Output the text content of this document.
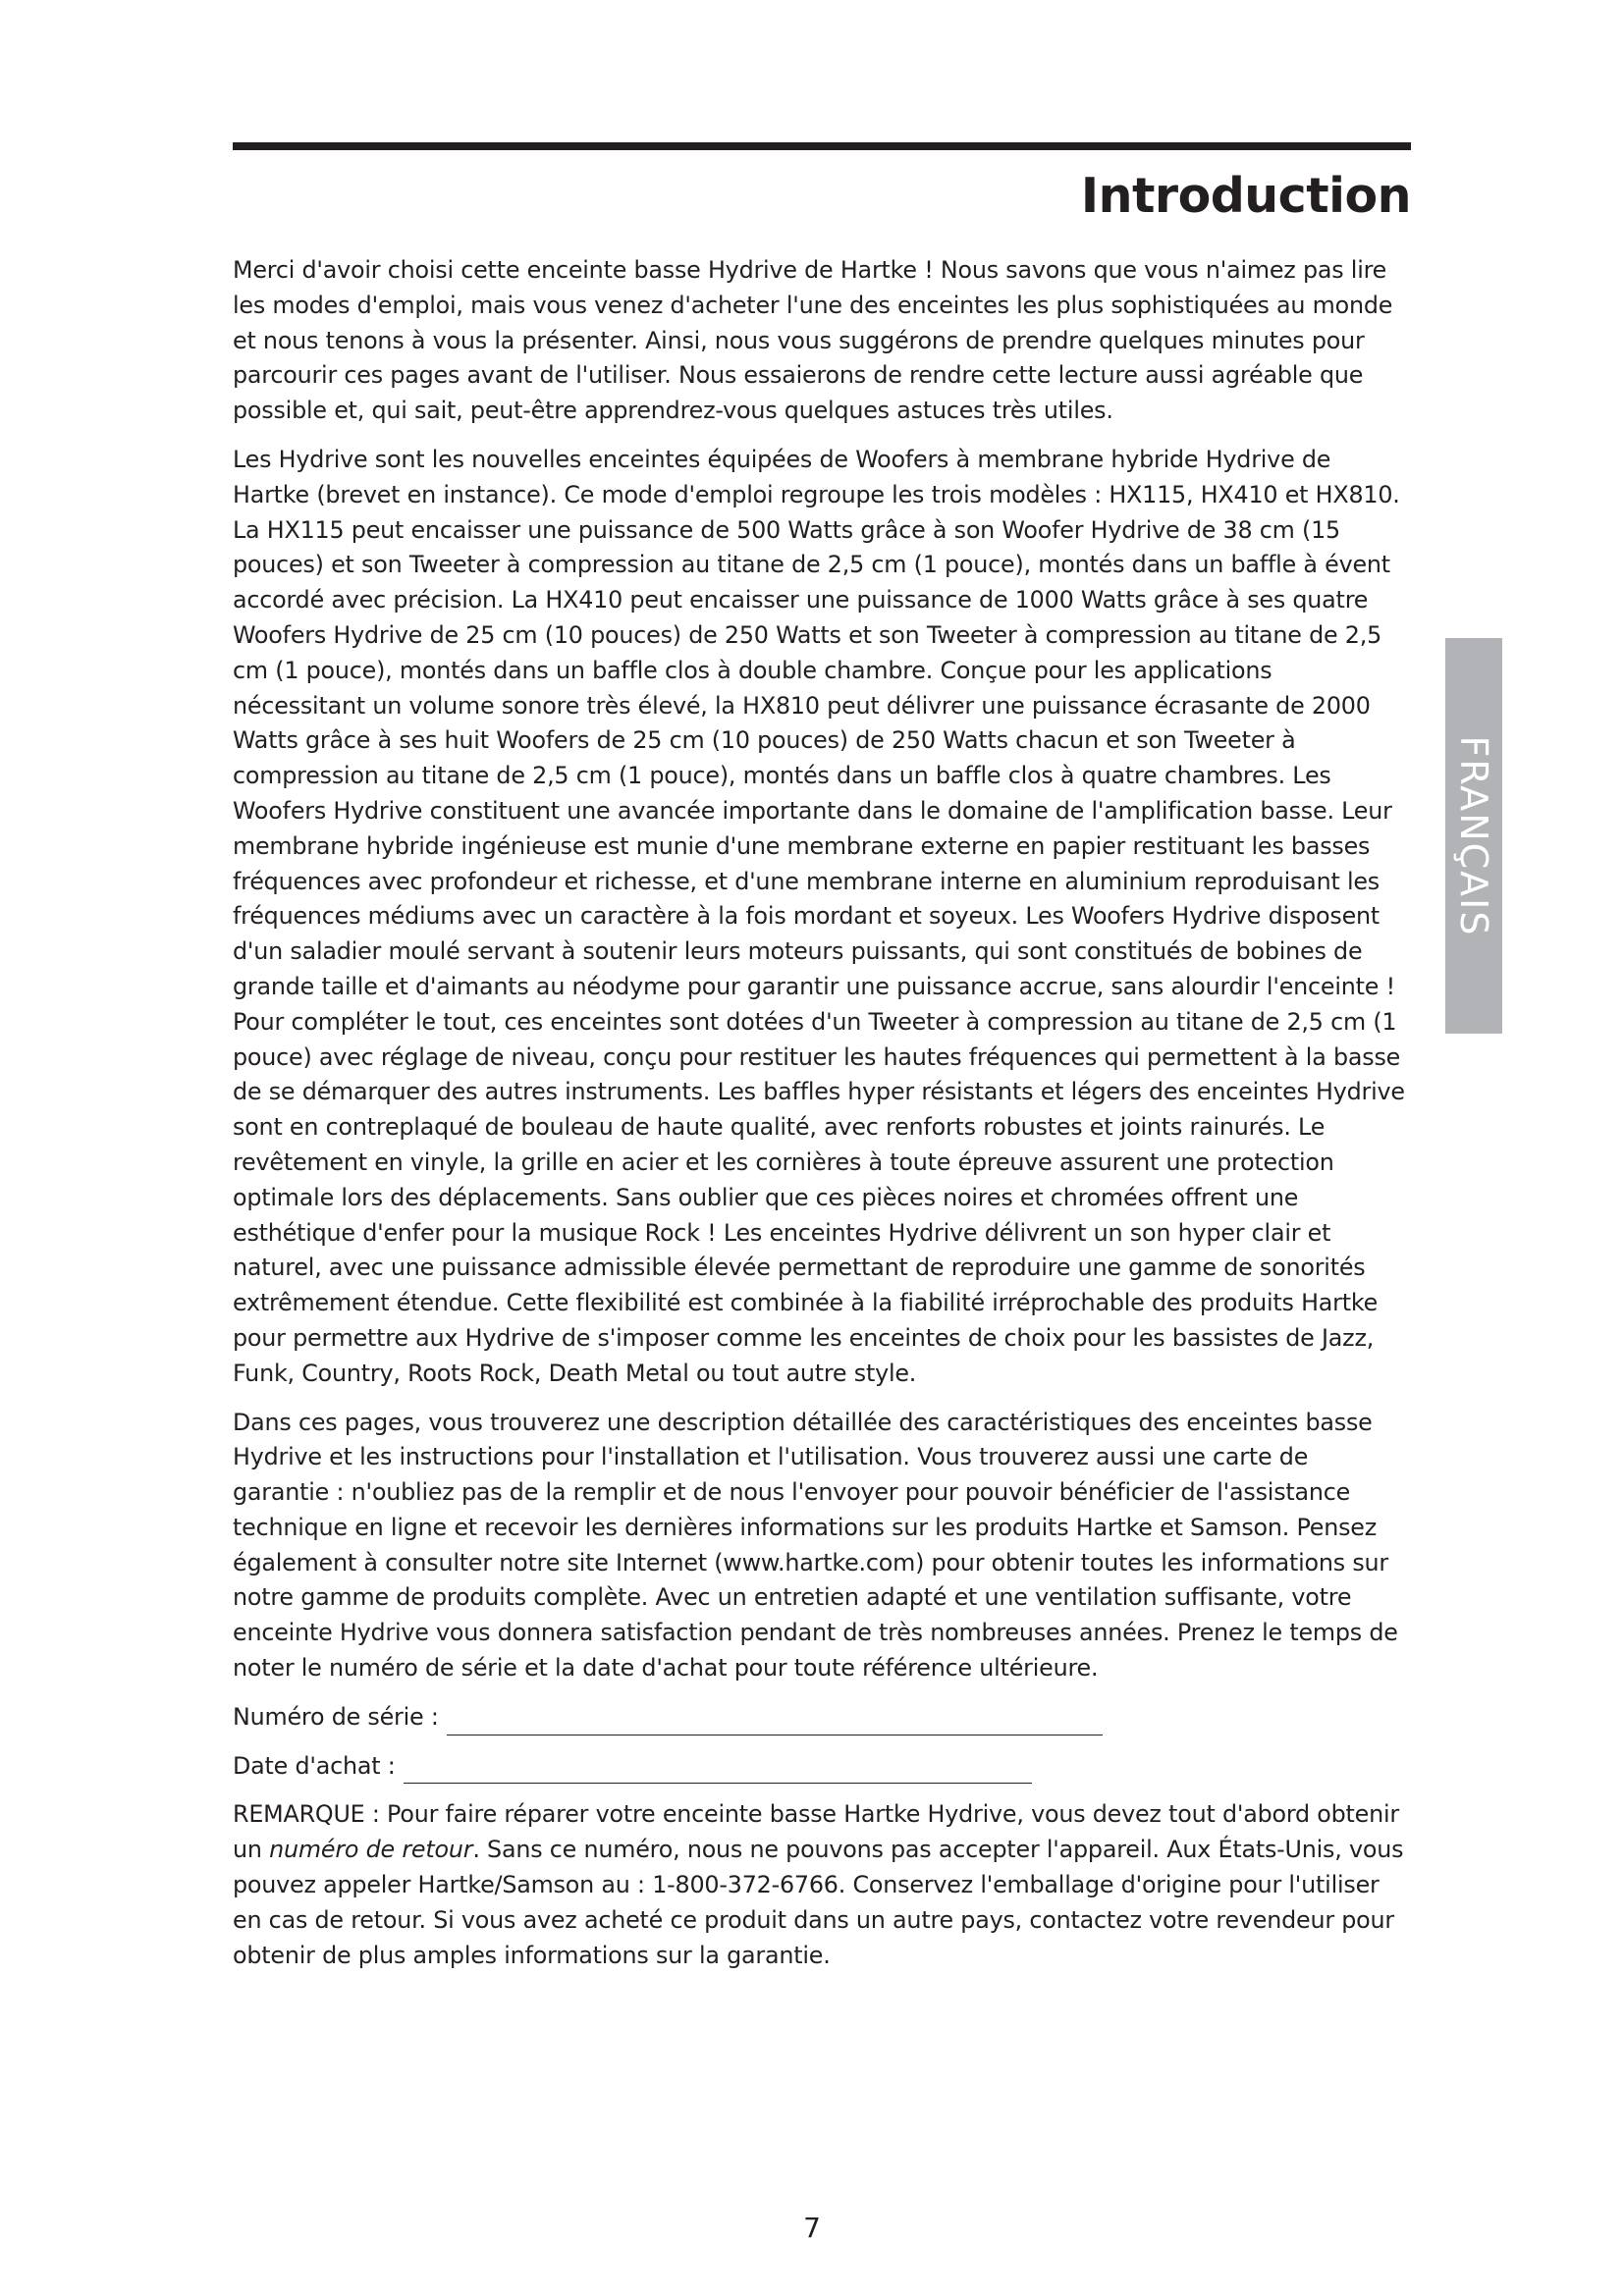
Introduction
FRANÇAIS

Merci d'avoir choisi cette enceinte basse Hydrive de Hartke ! Nous savons que vous n'aimez pas lire les modes d'emploi, mais vous venez d'acheter l'une des enceintes les plus sophistiquées au monde et nous tenons à vous la présenter. Ainsi, nous vous suggérons de prendre quelques minutes pour parcourir ces pages avant de l'utiliser. Nous essaierons de rendre cette lecture aussi agréable que possible et, qui sait, peut-être apprendrez-vous quelques astuces très utiles.

Les Hydrive sont les nouvelles enceintes équipées de Woofers à membrane hybride Hydrive de Hartke (brevet en instance). Ce mode d'emploi regroupe les trois modèles : HX115, HX410 et HX810. La HX115 peut encaisser une puissance de 500 Watts grâce à son Woofer Hydrive de 38 cm (15 pouces) et son Tweeter à compression au titane de 2,5 cm (1 pouce), montés dans un baffle à évent accordé avec précision. La HX410 peut encaisser une puissance de 1000 Watts grâce à ses quatre Woofers Hydrive de 25 cm (10 pouces) de 250 Watts et son Tweeter à compression au titane de 2,5 cm (1 pouce), montés dans un baffle clos à double chambre. Conçue pour les applications nécessitant un volume sonore très élevé, la HX810 peut délivrer une puissance écrasante de 2000 Watts grâce à ses huit Woofers de 25 cm (10 pouces) de 250 Watts chacun et son Tweeter à compression au titane de 2,5 cm (1 pouce), montés dans un baffle clos à quatre chambres. Les Woofers Hydrive constituent une avancée importante dans le domaine de l'amplification basse. Leur membrane hybride ingénieuse est munie d'une membrane externe en papier restituant les basses fréquences avec profondeur et richesse, et d'une membrane interne en aluminium reproduisant les fréquences médiums avec un caractère à la fois mordant et soyeux. Les Woofers Hydrive disposent d'un saladier moulé servant à soutenir leurs moteurs puissants, qui sont constitués de bobines de grande taille et d'aimants au néodyme pour garantir une puissance accrue, sans alourdir l'enceinte ! Pour compléter le tout, ces enceintes sont dotées d'un Tweeter à compression au titane de 2,5 cm (1 pouce) avec réglage de niveau, conçu pour restituer les hautes fréquences qui permettent à la basse de se démarquer des autres instruments. Les baffles hyper résistants et légers des enceintes Hydrive sont en contreplaqué de bouleau de haute qualité, avec renforts robustes et joints rainurés. Le revêtement en vinyle, la grille en acier et les cornières à toute épreuve assurent une protection optimale lors des déplacements. Sans oublier que ces pièces noires et chromées offrent une esthétique d'enfer pour la musique Rock ! Les enceintes Hydrive délivrent un son hyper clair et naturel, avec une puissance admissible élevée permettant de reproduire une gamme de sonorités extrêmement étendue. Cette flexibilité est combinée à la fiabilité irréprochable des produits Hartke pour permettre aux Hydrive de s'imposer comme les enceintes de choix pour les bassistes de Jazz, Funk, Country, Roots Rock, Death Metal ou tout autre style.

Dans ces pages, vous trouverez une description détaillée des caractéristiques des enceintes basse Hydrive et les instructions pour l'installation et l'utilisation. Vous trouverez aussi une carte de garantie : n'oubliez pas de la remplir et de nous l'envoyer pour pouvoir bénéficier de l'assistance technique en ligne et recevoir les dernières informations sur les produits Hartke et Samson. Pensez également à consulter notre site Internet (www.hartke.com) pour obtenir toutes les informations sur notre gamme de produits complète. Avec un entretien adapté et une ventilation suffisante, votre enceinte Hydrive vous donnera satisfaction pendant de très nombreuses années. Prenez le temps de noter le numéro de série et la date d'achat pour toute référence ultérieure.

Numéro de série :
Date d'achat :

REMARQUE : Pour faire réparer votre enceinte basse Hartke Hydrive, vous devez tout d'abord obtenir un numéro de retour. Sans ce numéro, nous ne pouvons pas accepter l'appareil. Aux États-Unis, vous pouvez appeler Hartke/Samson au : 1-800-372-6766. Conservez l'emballage d'origine pour l'utiliser en cas de retour. Si vous avez acheté ce produit dans un autre pays, contactez votre revendeur pour obtenir de plus amples informations sur la garantie.

7
